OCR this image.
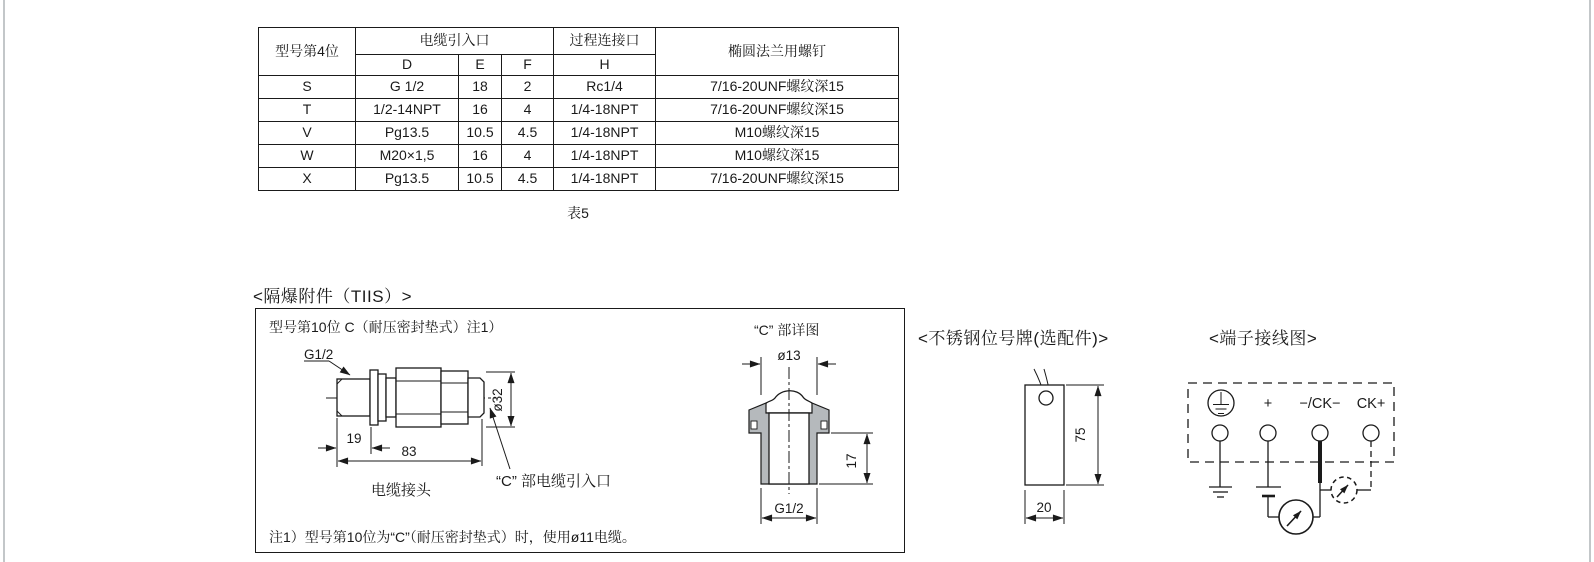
型号第4位	电缆引入口			过程连接口	椭圆法兰用螺钉
	D	E	F	H	
S	G 1/2	18	2	Rc1/4	7/16-20UNF螺纹深15
T	1/2-14NPT	16	4	1/4-18NPT	7/16-20UNF螺纹深15
V	Pg13.5	10.5	4.5	1/4-18NPT	M10螺纹深15
W	M20×1,5	16	4	1/4-18NPT	M10螺纹深15
X	Pg13.5	10.5	4.5	1/4-18NPT	7/16-20UNF螺纹深15
表5
<隔爆附件（TIIS）>
型号第10位 C（耐压密封垫式）注1）	“C” 部详图
注1）型号第10位为“C”（耐压密封垫式）时，使用ø11电缆。
G1/2
ø32
19
83
电缆接头
“C” 部电缆引入口
ø13
17
G1/2
<不锈钢位号牌(选配件)>
75
20
<端子接线图>
+ −/CK− CK+
